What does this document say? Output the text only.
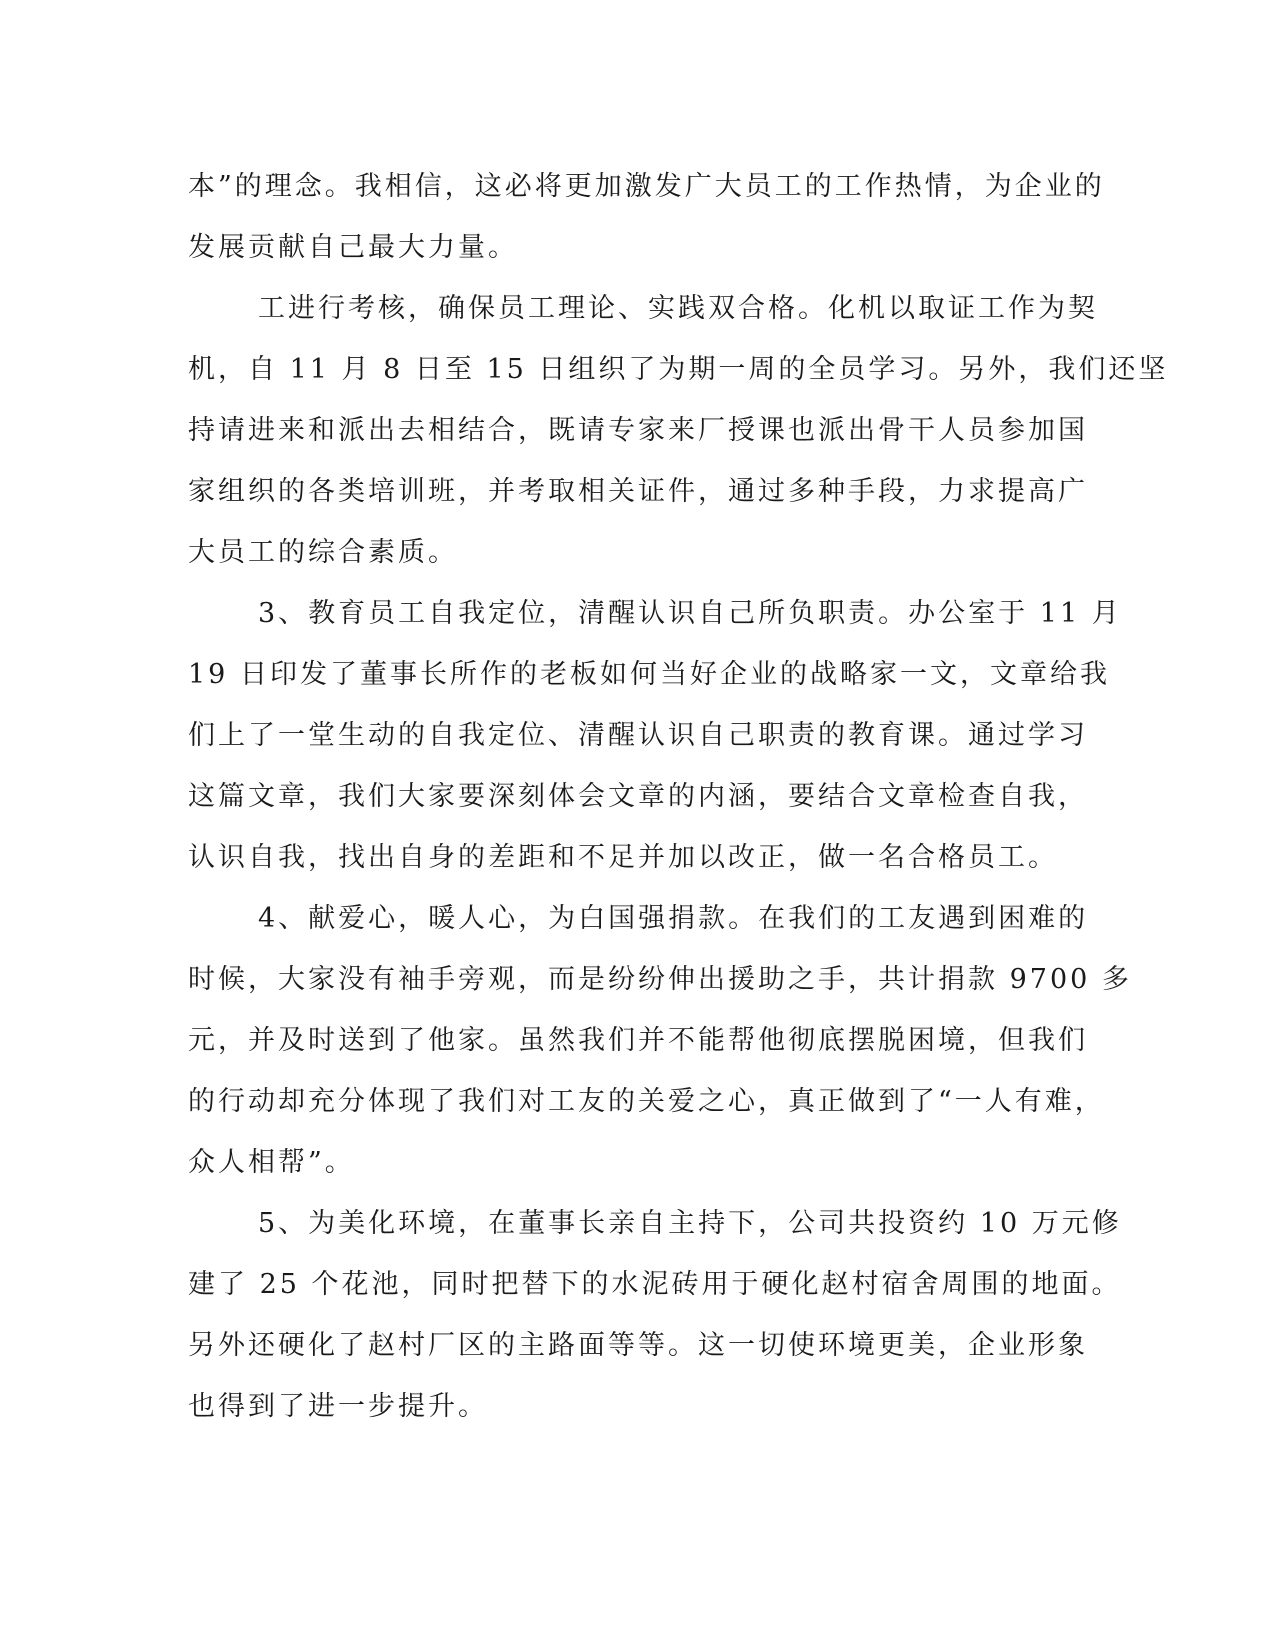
本”的理念。我相信，这必将更加激发广大员工的工作热情，为企业的
发展贡献自己最大力量。
工进行考核，确保员工理论、实践双合格。化机以取证工作为契
机，自 11 月 8 日至 15 日组织了为期一周的全员学习。另外，我们还坚
持请进来和派出去相结合，既请专家来厂授课也派出骨干人员参加国
家组织的各类培训班，并考取相关证件，通过多种手段，力求提高广
大员工的综合素质。
3、教育员工自我定位，清醒认识自己所负职责。办公室于 11 月
19 日印发了董事长所作的老板如何当好企业的战略家一文，文章给我
们上了一堂生动的自我定位、清醒认识自己职责的教育课。通过学习
这篇文章，我们大家要深刻体会文章的内涵，要结合文章检查自我，
认识自我，找出自身的差距和不足并加以改正，做一名合格员工。
4、献爱心，暖人心，为白国强捐款。在我们的工友遇到困难的
时候，大家没有袖手旁观，而是纷纷伸出援助之手，共计捐款 9700 多
元，并及时送到了他家。虽然我们并不能帮他彻底摆脱困境，但我们
的行动却充分体现了我们对工友的关爱之心，真正做到了“一人有难，
众人相帮”。
5、为美化环境，在董事长亲自主持下，公司共投资约 10 万元修
建了 25 个花池，同时把替下的水泥砖用于硬化赵村宿舍周围的地面。
另外还硬化了赵村厂区的主路面等等。这一切使环境更美，企业形象
也得到了进一步提升。
